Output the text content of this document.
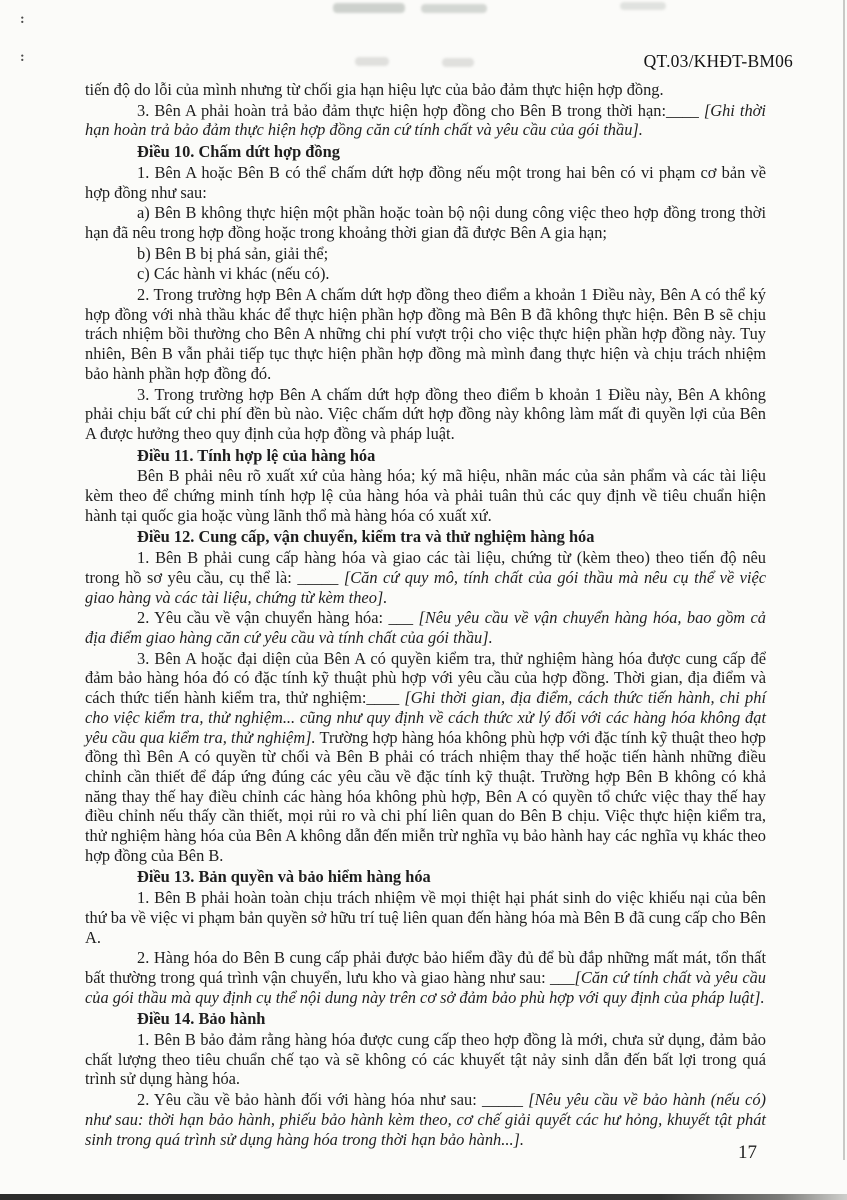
:
:	QT.03/KHĐT-BM06

tiến độ do lỗi của mình nhưng từ chối gia hạn hiệu lực của bảo đảm thực hiện hợp đồng.

3. Bên A phải hoàn trả bảo đảm thực hiện hợp đồng cho Bên B trong thời hạn:____ [Ghi thời hạn hoàn trả bảo đảm thực hiện hợp đồng căn cứ tính chất và yêu cầu của gói thầu].

Điều 10. Chấm dứt hợp đồng

1. Bên A hoặc Bên B có thể chấm dứt hợp đồng nếu một trong hai bên có vi phạm cơ bản về hợp đồng như sau:

a) Bên B không thực hiện một phần hoặc toàn bộ nội dung công việc theo hợp đồng trong thời hạn đã nêu trong hợp đồng hoặc trong khoảng thời gian đã được Bên A gia hạn;

b) Bên B bị phá sản, giải thể;

c) Các hành vi khác (nếu có).

2. Trong trường hợp Bên A chấm dứt hợp đồng theo điểm a khoản 1 Điều này, Bên A có thể ký hợp đồng với nhà thầu khác để thực hiện phần hợp đồng mà Bên B đã không thực hiện. Bên B sẽ chịu trách nhiệm bồi thường cho Bên A những chi phí vượt trội cho việc thực hiện phần hợp đồng này. Tuy nhiên, Bên B vẫn phải tiếp tục thực hiện phần hợp đồng mà mình đang thực hiện và chịu trách nhiệm bảo hành phần hợp đồng đó.

3. Trong trường hợp Bên A chấm dứt hợp đồng theo điểm b khoản 1 Điều này, Bên A không phải chịu bất cứ chi phí đền bù nào. Việc chấm dứt hợp đồng này không làm mất đi quyền lợi của Bên A được hưởng theo quy định của hợp đồng và pháp luật.

Điều 11. Tính hợp lệ của hàng hóa

Bên B phải nêu rõ xuất xứ của hàng hóa; ký mã hiệu, nhãn mác của sản phẩm và các tài liệu kèm theo để chứng minh tính hợp lệ của hàng hóa và phải tuân thủ các quy định về tiêu chuẩn hiện hành tại quốc gia hoặc vùng lãnh thổ mà hàng hóa có xuất xứ.

Điều 12. Cung cấp, vận chuyển, kiểm tra và thử nghiệm hàng hóa

1. Bên B phải cung cấp hàng hóa và giao các tài liệu, chứng từ (kèm theo) theo tiến độ nêu trong hồ sơ yêu cầu, cụ thể là: _____ [Căn cứ quy mô, tính chất của gói thầu mà nêu cụ thể về việc giao hàng và các tài liệu, chứng từ kèm theo].

2. Yêu cầu về vận chuyển hàng hóa: ___ [Nêu yêu cầu về vận chuyển hàng hóa, bao gồm cả địa điểm giao hàng căn cứ yêu cầu và tính chất của gói thầu].

3. Bên A hoặc đại diện của Bên A có quyền kiểm tra, thử nghiệm hàng hóa được cung cấp để đảm bảo hàng hóa đó có đặc tính kỹ thuật phù hợp với yêu cầu của hợp đồng. Thời gian, địa điểm và cách thức tiến hành kiểm tra, thử nghiệm:____ [Ghi thời gian, địa điểm, cách thức tiến hành, chi phí cho việc kiểm tra, thử nghiệm... cũng như quy định về cách thức xử lý đối với các hàng hóa không đạt yêu cầu qua kiểm tra, thử nghiệm]. Trường hợp hàng hóa không phù hợp với đặc tính kỹ thuật theo hợp đồng thì Bên A có quyền từ chối và Bên B phải có trách nhiệm thay thế hoặc tiến hành những điều chỉnh cần thiết để đáp ứng đúng các yêu cầu về đặc tính kỹ thuật. Trường hợp Bên B không có khả năng thay thế hay điều chỉnh các hàng hóa không phù hợp, Bên A có quyền tổ chức việc thay thế hay điều chỉnh nếu thấy cần thiết, mọi rủi ro và chi phí liên quan do Bên B chịu. Việc thực hiện kiểm tra, thử nghiệm hàng hóa của Bên A không dẫn đến miễn trừ nghĩa vụ bảo hành hay các nghĩa vụ khác theo hợp đồng của Bên B.

Điều 13. Bản quyền và bảo hiểm hàng hóa

1. Bên B phải hoàn toàn chịu trách nhiệm về mọi thiệt hại phát sinh do việc khiếu nại của bên thứ ba về việc vi phạm bản quyền sở hữu trí tuệ liên quan đến hàng hóa mà Bên B đã cung cấp cho Bên A.

2. Hàng hóa do Bên B cung cấp phải được bảo hiểm đầy đủ để bù đắp những mất mát, tổn thất bất thường trong quá trình vận chuyển, lưu kho và giao hàng như sau: ___[Căn cứ tính chất và yêu cầu của gói thầu mà quy định cụ thể nội dung này trên cơ sở đảm bảo phù hợp với quy định của pháp luật].

Điều 14. Bảo hành

1. Bên B bảo đảm rằng hàng hóa được cung cấp theo hợp đồng là mới, chưa sử dụng, đảm bảo chất lượng theo tiêu chuẩn chế tạo và sẽ không có các khuyết tật nảy sinh dẫn đến bất lợi trong quá trình sử dụng hàng hóa.

2. Yêu cầu về bảo hành đối với hàng hóa như sau: _____ [Nêu yêu cầu về bảo hành (nếu có) như sau: thời hạn bảo hành, phiếu bảo hành kèm theo, cơ chế giải quyết các hư hỏng, khuyết tật phát sinh trong quá trình sử dụng hàng hóa trong thời hạn bảo hành...].

17
